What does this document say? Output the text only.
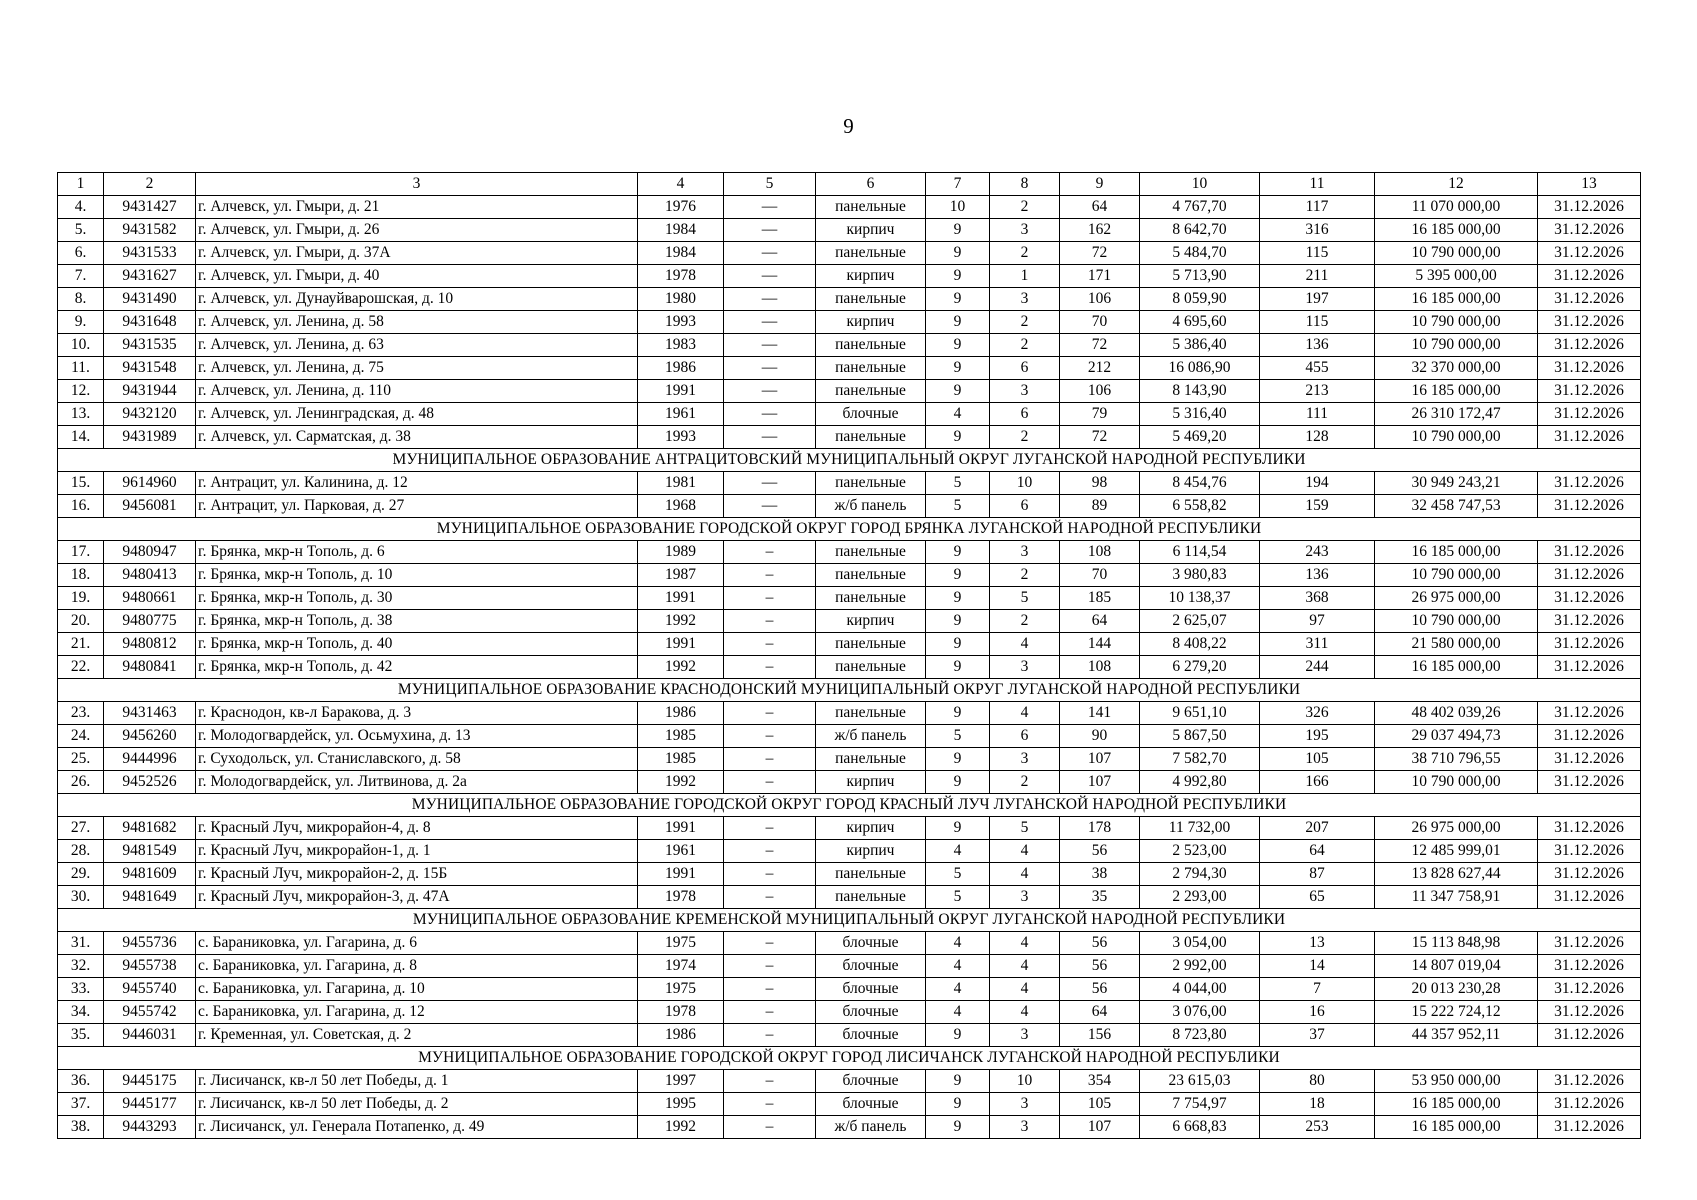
9
1	2	3	4	5	6	7	8	9	10	11	12	13
4.	9431427	г. Алчевск, ул. Гмыри, д. 21	1976	—	панельные	10	2	64	4 767,70	117	11 070 000,00	31.12.2026
5.	9431582	г. Алчевск, ул. Гмыри, д. 26	1984	—	кирпич	9	3	162	8 642,70	316	16 185 000,00	31.12.2026
6.	9431533	г. Алчевск, ул. Гмыри, д. 37А	1984	—	панельные	9	2	72	5 484,70	115	10 790 000,00	31.12.2026
7.	9431627	г. Алчевск, ул. Гмыри, д. 40	1978	—	кирпич	9	1	171	5 713,90	211	5 395 000,00	31.12.2026
8.	9431490	г. Алчевск, ул. Дунауйварошская, д. 10	1980	—	панельные	9	3	106	8 059,90	197	16 185 000,00	31.12.2026
9.	9431648	г. Алчевск, ул. Ленина, д. 58	1993	—	кирпич	9	2	70	4 695,60	115	10 790 000,00	31.12.2026
10.	9431535	г. Алчевск, ул. Ленина, д. 63	1983	—	панельные	9	2	72	5 386,40	136	10 790 000,00	31.12.2026
11.	9431548	г. Алчевск, ул. Ленина, д. 75	1986	—	панельные	9	6	212	16 086,90	455	32 370 000,00	31.12.2026
12.	9431944	г. Алчевск, ул. Ленина, д. 110	1991	—	панельные	9	3	106	8 143,90	213	16 185 000,00	31.12.2026
13.	9432120	г. Алчевск, ул. Ленинградская, д. 48	1961	—	блочные	4	6	79	5 316,40	111	26 310 172,47	31.12.2026
14.	9431989	г. Алчевск, ул. Сарматская, д. 38	1993	—	панельные	9	2	72	5 469,20	128	10 790 000,00	31.12.2026
МУНИЦИПАЛЬНОЕ ОБРАЗОВАНИЕ АНТРАЦИТОВСКИЙ МУНИЦИПАЛЬНЫЙ ОКРУГ ЛУГАНСКОЙ НАРОДНОЙ РЕСПУБЛИКИ												
15.	9614960	г. Антрацит, ул. Калинина, д. 12	1981	—	панельные	5	10	98	8 454,76	194	30 949 243,21	31.12.2026
16.	9456081	г. Антрацит, ул. Парковая, д. 27	1968	—	ж/б панель	5	6	89	6 558,82	159	32 458 747,53	31.12.2026
МУНИЦИПАЛЬНОЕ ОБРАЗОВАНИЕ ГОРОДСКОЙ ОКРУГ ГОРОД БРЯНКА ЛУГАНСКОЙ НАРОДНОЙ РЕСПУБЛИКИ												
17.	9480947	г. Брянка, мкр-н Тополь, д. 6	1989	–	панельные	9	3	108	6 114,54	243	16 185 000,00	31.12.2026
18.	9480413	г. Брянка, мкр-н Тополь, д. 10	1987	–	панельные	9	2	70	3 980,83	136	10 790 000,00	31.12.2026
19.	9480661	г. Брянка, мкр-н Тополь, д. 30	1991	–	панельные	9	5	185	10 138,37	368	26 975 000,00	31.12.2026
20.	9480775	г. Брянка, мкр-н Тополь, д. 38	1992	–	кирпич	9	2	64	2 625,07	97	10 790 000,00	31.12.2026
21.	9480812	г. Брянка, мкр-н Тополь, д. 40	1991	–	панельные	9	4	144	8 408,22	311	21 580 000,00	31.12.2026
22.	9480841	г. Брянка, мкр-н Тополь, д. 42	1992	–	панельные	9	3	108	6 279,20	244	16 185 000,00	31.12.2026
МУНИЦИПАЛЬНОЕ ОБРАЗОВАНИЕ КРАСНОДОНСКИЙ МУНИЦИПАЛЬНЫЙ ОКРУГ ЛУГАНСКОЙ НАРОДНОЙ РЕСПУБЛИКИ												
23.	9431463	г. Краснодон, кв-л Баракова, д. 3	1986	–	панельные	9	4	141	9 651,10	326	48 402 039,26	31.12.2026
24.	9456260	г. Молодогвардейск, ул. Осьмухина, д. 13	1985	–	ж/б панель	5	6	90	5 867,50	195	29 037 494,73	31.12.2026
25.	9444996	г. Суходольск, ул. Станиславского, д. 58	1985	–	панельные	9	3	107	7 582,70	105	38 710 796,55	31.12.2026
26.	9452526	г. Молодогвардейск, ул. Литвинова, д. 2а	1992	–	кирпич	9	2	107	4 992,80	166	10 790 000,00	31.12.2026
МУНИЦИПАЛЬНОЕ ОБРАЗОВАНИЕ ГОРОДСКОЙ ОКРУГ ГОРОД КРАСНЫЙ ЛУЧ ЛУГАНСКОЙ НАРОДНОЙ РЕСПУБЛИКИ												
27.	9481682	г. Красный Луч, микрорайон-4, д. 8	1991	–	кирпич	9	5	178	11 732,00	207	26 975 000,00	31.12.2026
28.	9481549	г. Красный Луч, микрорайон-1, д. 1	1961	–	кирпич	4	4	56	2 523,00	64	12 485 999,01	31.12.2026
29.	9481609	г. Красный Луч, микрорайон-2, д. 15Б	1991	–	панельные	5	4	38	2 794,30	87	13 828 627,44	31.12.2026
30.	9481649	г. Красный Луч, микрорайон-3, д. 47А	1978	–	панельные	5	3	35	2 293,00	65	11 347 758,91	31.12.2026
МУНИЦИПАЛЬНОЕ ОБРАЗОВАНИЕ КРЕМЕНСКОЙ МУНИЦИПАЛЬНЫЙ ОКРУГ ЛУГАНСКОЙ НАРОДНОЙ РЕСПУБЛИКИ												
31.	9455736	с. Бараниковка, ул. Гагарина, д. 6	1975	–	блочные	4	4	56	3 054,00	13	15 113 848,98	31.12.2026
32.	9455738	с. Бараниковка, ул. Гагарина, д. 8	1974	–	блочные	4	4	56	2 992,00	14	14 807 019,04	31.12.2026
33.	9455740	с. Бараниковка, ул. Гагарина, д. 10	1975	–	блочные	4	4	56	4 044,00	7	20 013 230,28	31.12.2026
34.	9455742	с. Бараниковка, ул. Гагарина, д. 12	1978	–	блочные	4	4	64	3 076,00	16	15 222 724,12	31.12.2026
35.	9446031	г. Кременная, ул. Советская, д. 2	1986	–	блочные	9	3	156	8 723,80	37	44 357 952,11	31.12.2026
МУНИЦИПАЛЬНОЕ ОБРАЗОВАНИЕ ГОРОДСКОЙ ОКРУГ ГОРОД ЛИСИЧАНСК ЛУГАНСКОЙ НАРОДНОЙ РЕСПУБЛИКИ												
36.	9445175	г. Лисичанск, кв-л 50 лет Победы, д. 1	1997	–	блочные	9	10	354	23 615,03	80	53 950 000,00	31.12.2026
37.	9445177	г. Лисичанск, кв-л 50 лет Победы, д. 2	1995	–	блочные	9	3	105	7 754,97	18	16 185 000,00	31.12.2026
38.	9443293	г. Лисичанск, ул. Генерала Потапенко, д. 49	1992	–	ж/б панель	9	3	107	6 668,83	253	16 185 000,00	31.12.2026
